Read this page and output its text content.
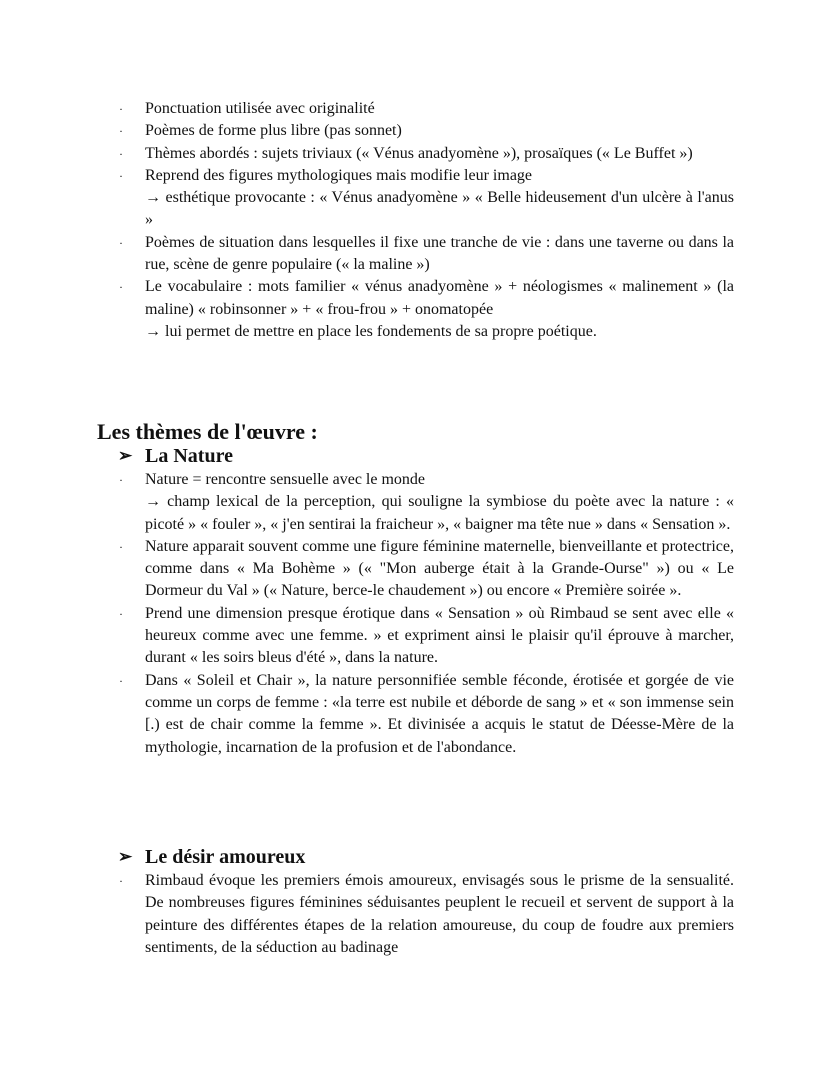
· Ponctuation utilisée avec originalité

· Poèmes de forme plus libre (pas sonnet)

· Thèmes abordés : sujets triviaux (« Vénus anadyomène »), prosaïques (« Le Buffet »)

· Reprend des figures mythologiques mais modifie leur image

→ esthétique provocante : « Vénus anadyomène » « Belle hideusement d'un ulcère à l'anus »

· Poèmes de situation dans lesquelles il fixe une tranche de vie : dans une taverne ou dans la rue, scène de genre populaire (« la maline »)

· Le vocabulaire : mots familier « vénus anadyomène » + néologismes « malinement » (la maline) « robinsonner » + « frou-frou » + onomatopée

→ lui permet de mettre en place les fondements de sa propre poétique.

Les thèmes de l'œuvre :
➢ La Nature
· Nature = rencontre sensuelle avec le monde

→ champ lexical de la perception, qui souligne la symbiose du poète avec la nature : « picoté » « fouler », « j'en sentirai la fraicheur », « baigner ma tête nue » dans « Sensation ».

· Nature apparait souvent comme une figure féminine maternelle, bienveillante et protectrice, comme dans « Ma Bohème » (« "Mon auberge était à la Grande-Ourse" ») ou « Le Dormeur du Val » (« Nature, berce-le chaudement ») ou encore « Première soirée ».

· Prend une dimension presque érotique dans « Sensation » où Rimbaud se sent avec elle « heureux comme avec une femme. » et expriment ainsi le plaisir qu'il éprouve à marcher, durant « les soirs bleus d'été », dans la nature.

· Dans « Soleil et Chair », la nature personnifiée semble féconde, érotisée et gorgée de vie comme un corps de femme : «la terre est nubile et déborde de sang » et « son immense sein [.) est de chair comme la femme ». Et divinisée a acquis le statut de Déesse-Mère de la mythologie, incarnation de la profusion et de l'abondance.

➢ Le désir amoureux
· Rimbaud évoque les premiers émois amoureux, envisagés sous le prisme de la sensualité. De nombreuses figures féminines séduisantes peuplent le recueil et servent de support à la peinture des différentes étapes de la relation amoureuse, du coup de foudre aux premiers sentiments, de la séduction au badinage
